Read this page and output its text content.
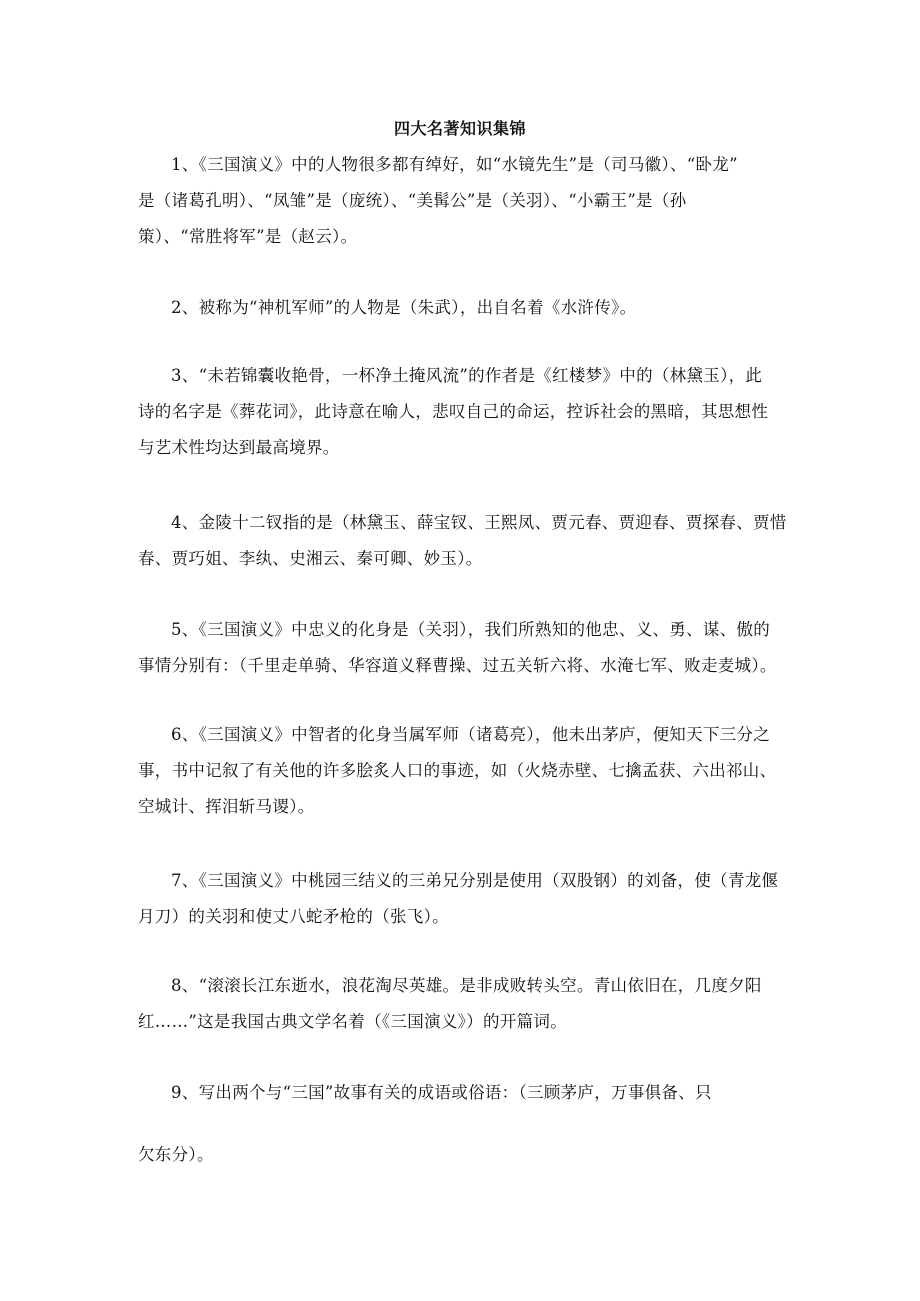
四大名著知识集锦
1、《三国演义》中的人物很多都有绰好，如“水镜先生”是（司马徽）、“卧龙”
是（诸葛孔明）、“凤雏”是（庞统）、“美髯公”是（关羽）、“小霸王”是（孙
策）、“常胜将军”是（赵云）。
2、被称为“神机军师”的人物是（朱武），出自名着《水浒传》。
3、“未若锦囊收艳骨，一杯净土掩风流”的作者是《红楼梦》中的（林黛玉），此
诗的名字是《葬花词》，此诗意在喻人，悲叹自己的命运，控诉社会的黑暗，其思想性
与艺术性均达到最高境界。
4、金陵十二钗指的是（林黛玉、薛宝钗、王熙凤、贾元春、贾迎春、贾探春、贾惜
春、贾巧姐、李纨、史湘云、秦可卿、妙玉）。
5、《三国演义》中忠义的化身是（关羽），我们所熟知的他忠、义、勇、谋、傲的
事情分别有：（千里走单骑、华容道义释曹操、过五关斩六将、水淹七军、败走麦城）。
6、《三国演义》中智者的化身当属军师（诸葛亮），他未出茅庐，便知天下三分之
事，书中记叙了有关他的许多脍炙人口的事迹，如（火烧赤壁、七擒孟获、六出祁山、
空城计、挥泪斩马谡）。
7、《三国演义》中桃园三结义的三弟兄分别是使用（双股钢）的刘备，使（青龙偃
月刀）的关羽和使丈八蛇矛枪的（张飞）。
8、“滚滚长江东逝水，浪花淘尽英雄。是非成败转头空。青山依旧在，几度夕阳
红……”这是我国古典文学名着（《三国演义》）的开篇词。
9、写出两个与“三国”故事有关的成语或俗语：（三顾茅庐，万事俱备、只
欠东分）。
